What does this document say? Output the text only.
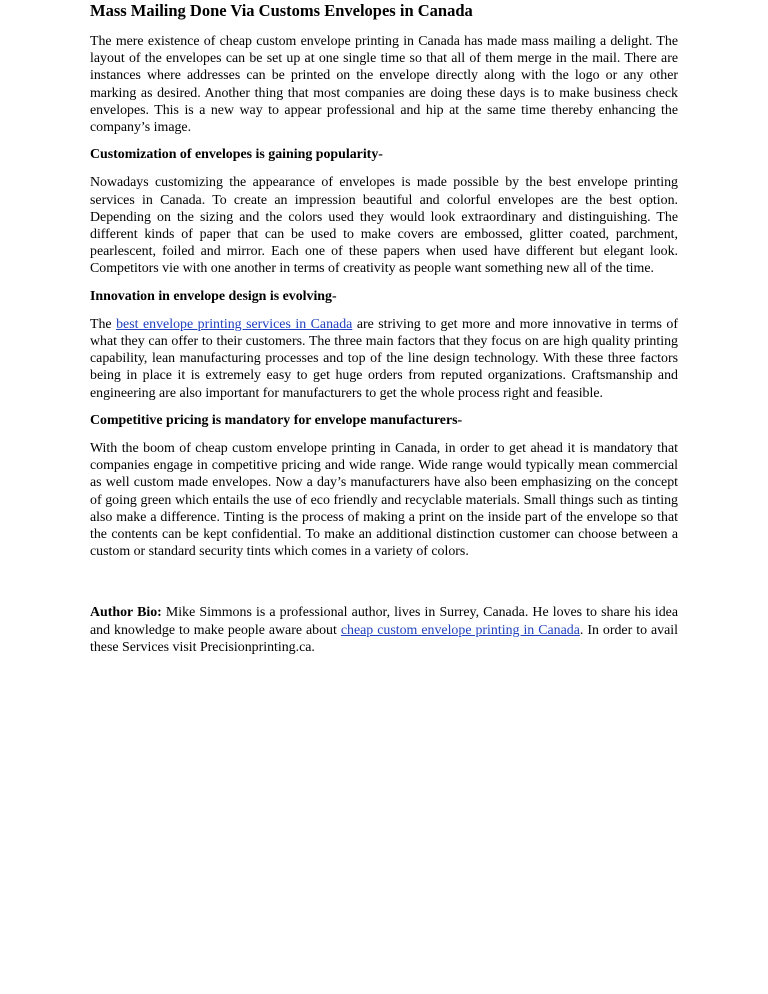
Mass Mailing Done Via Customs Envelopes in Canada

The mere existence of cheap custom envelope printing in Canada has made mass mailing a delight. The layout of the envelopes can be set up at one single time so that all of them merge in the mail. There are instances where addresses can be printed on the envelope directly along with the logo or any other marking as desired. Another thing that most companies are doing these days is to make business check envelopes. This is a new way to appear professional and hip at the same time thereby enhancing the company’s image.

Customization of envelopes is gaining popularity-

Nowadays customizing the appearance of envelopes is made possible by the best envelope printing services in Canada. To create an impression beautiful and colorful envelopes are the best option. Depending on the sizing and the colors used they would look extraordinary and distinguishing. The different kinds of paper that can be used to make covers are embossed, glitter coated, parchment, pearlescent, foiled and mirror. Each one of these papers when used have different but elegant look. Competitors vie with one another in terms of creativity as people want something new all of the time.

Innovation in envelope design is evolving-

The best envelope printing services in Canada are striving to get more and more innovative in terms of what they can offer to their customers. The three main factors that they focus on are high quality printing capability, lean manufacturing processes and top of the line design technology. With these three factors being in place it is extremely easy to get huge orders from reputed organizations. Craftsmanship and engineering are also important for manufacturers to get the whole process right and feasible.

Competitive pricing is mandatory for envelope manufacturers-

With the boom of cheap custom envelope printing in Canada, in order to get ahead it is mandatory that companies engage in competitive pricing and wide range. Wide range would typically mean commercial as well custom made envelopes. Now a day’s manufacturers have also been emphasizing on the concept of going green which entails the use of eco friendly and recyclable materials. Small things such as tinting also make a difference. Tinting is the process of making a print on the inside part of the envelope so that the contents can be kept confidential. To make an additional distinction customer can choose between a custom or standard security tints which comes in a variety of colors.

Author Bio: Mike Simmons is a professional author, lives in Surrey, Canada. He loves to share his idea and knowledge to make people aware about cheap custom envelope printing in Canada. In order to avail these Services visit Precisionprinting.ca.
